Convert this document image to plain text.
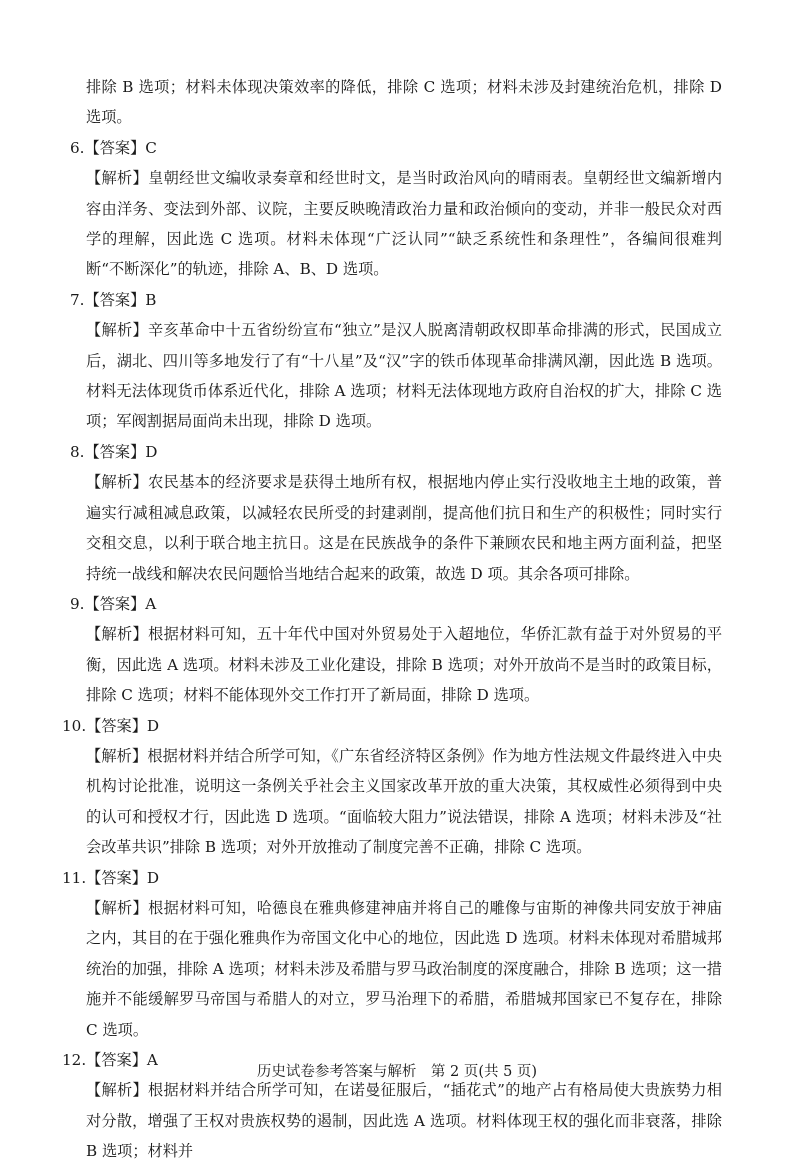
排除 B 选项；材料未体现决策效率的降低，排除 C 选项；材料未涉及封建统治危机，排除 D 选项。

6.【答案】C

【解析】皇朝经世文编收录奏章和经世时文，是当时政治风向的晴雨表。皇朝经世文编新增内容由洋务、变法到外部、议院，主要反映晚清政治力量和政治倾向的变动，并非一般民众对西学的理解，因此选 C 选项。材料未体现“广泛认同”“缺乏系统性和条理性”，各编间很难判断“不断深化”的轨迹，排除 A、B、D 选项。

7.【答案】B

【解析】辛亥革命中十五省纷纷宣布“独立”是汉人脱离清朝政权即革命排满的形式，民国成立后，湖北、四川等多地发行了有“十八星”及“汉”字的铁币体现革命排满风潮，因此选 B 选项。材料无法体现货币体系近代化，排除 A 选项；材料无法体现地方政府自治权的扩大，排除 C 选项；军阀割据局面尚未出现，排除 D 选项。

8.【答案】D

【解析】农民基本的经济要求是获得土地所有权，根据地内停止实行没收地主土地的政策，普遍实行减租减息政策，以减轻农民所受的封建剥削，提高他们抗日和生产的积极性；同时实行交租交息，以利于联合地主抗日。这是在民族战争的条件下兼顾农民和地主两方面利益，把坚持统一战线和解决农民问题恰当地结合起来的政策，故选 D 项。其余各项可排除。

9.【答案】A

【解析】根据材料可知，五十年代中国对外贸易处于入超地位，华侨汇款有益于对外贸易的平衡，因此选 A 选项。材料未涉及工业化建设，排除 B 选项；对外开放尚不是当时的政策目标，排除 C 选项；材料不能体现外交工作打开了新局面，排除 D 选项。

10.【答案】D

【解析】根据材料并结合所学可知，《广东省经济特区条例》作为地方性法规文件最终进入中央机构讨论批准，说明这一条例关乎社会主义国家改革开放的重大决策，其权威性必须得到中央的认可和授权才行，因此选 D 选项。“面临较大阻力”说法错误，排除 A 选项；材料未涉及“社会改革共识”排除 B 选项；对外开放推动了制度完善不正确，排除 C 选项。

11.【答案】D

【解析】根据材料可知，哈德良在雅典修建神庙并将自己的雕像与宙斯的神像共同安放于神庙之内，其目的在于强化雅典作为帝国文化中心的地位，因此选 D 选项。材料未体现对希腊城邦统治的加强，排除 A 选项；材料未涉及希腊与罗马政治制度的深度融合，排除 B 选项；这一措施并不能缓解罗马帝国与希腊人的对立，罗马治理下的希腊，希腊城邦国家已不复存在，排除 C 选项。

12.【答案】A

【解析】根据材料并结合所学可知，在诺曼征服后，“插花式”的地产占有格局使大贵族势力相对分散，增强了王权对贵族权势的遏制，因此选 A 选项。材料体现王权的强化而非衰落，排除 B 选项；材料并

历史试卷参考答案与解析　第 2 页(共 5 页)
